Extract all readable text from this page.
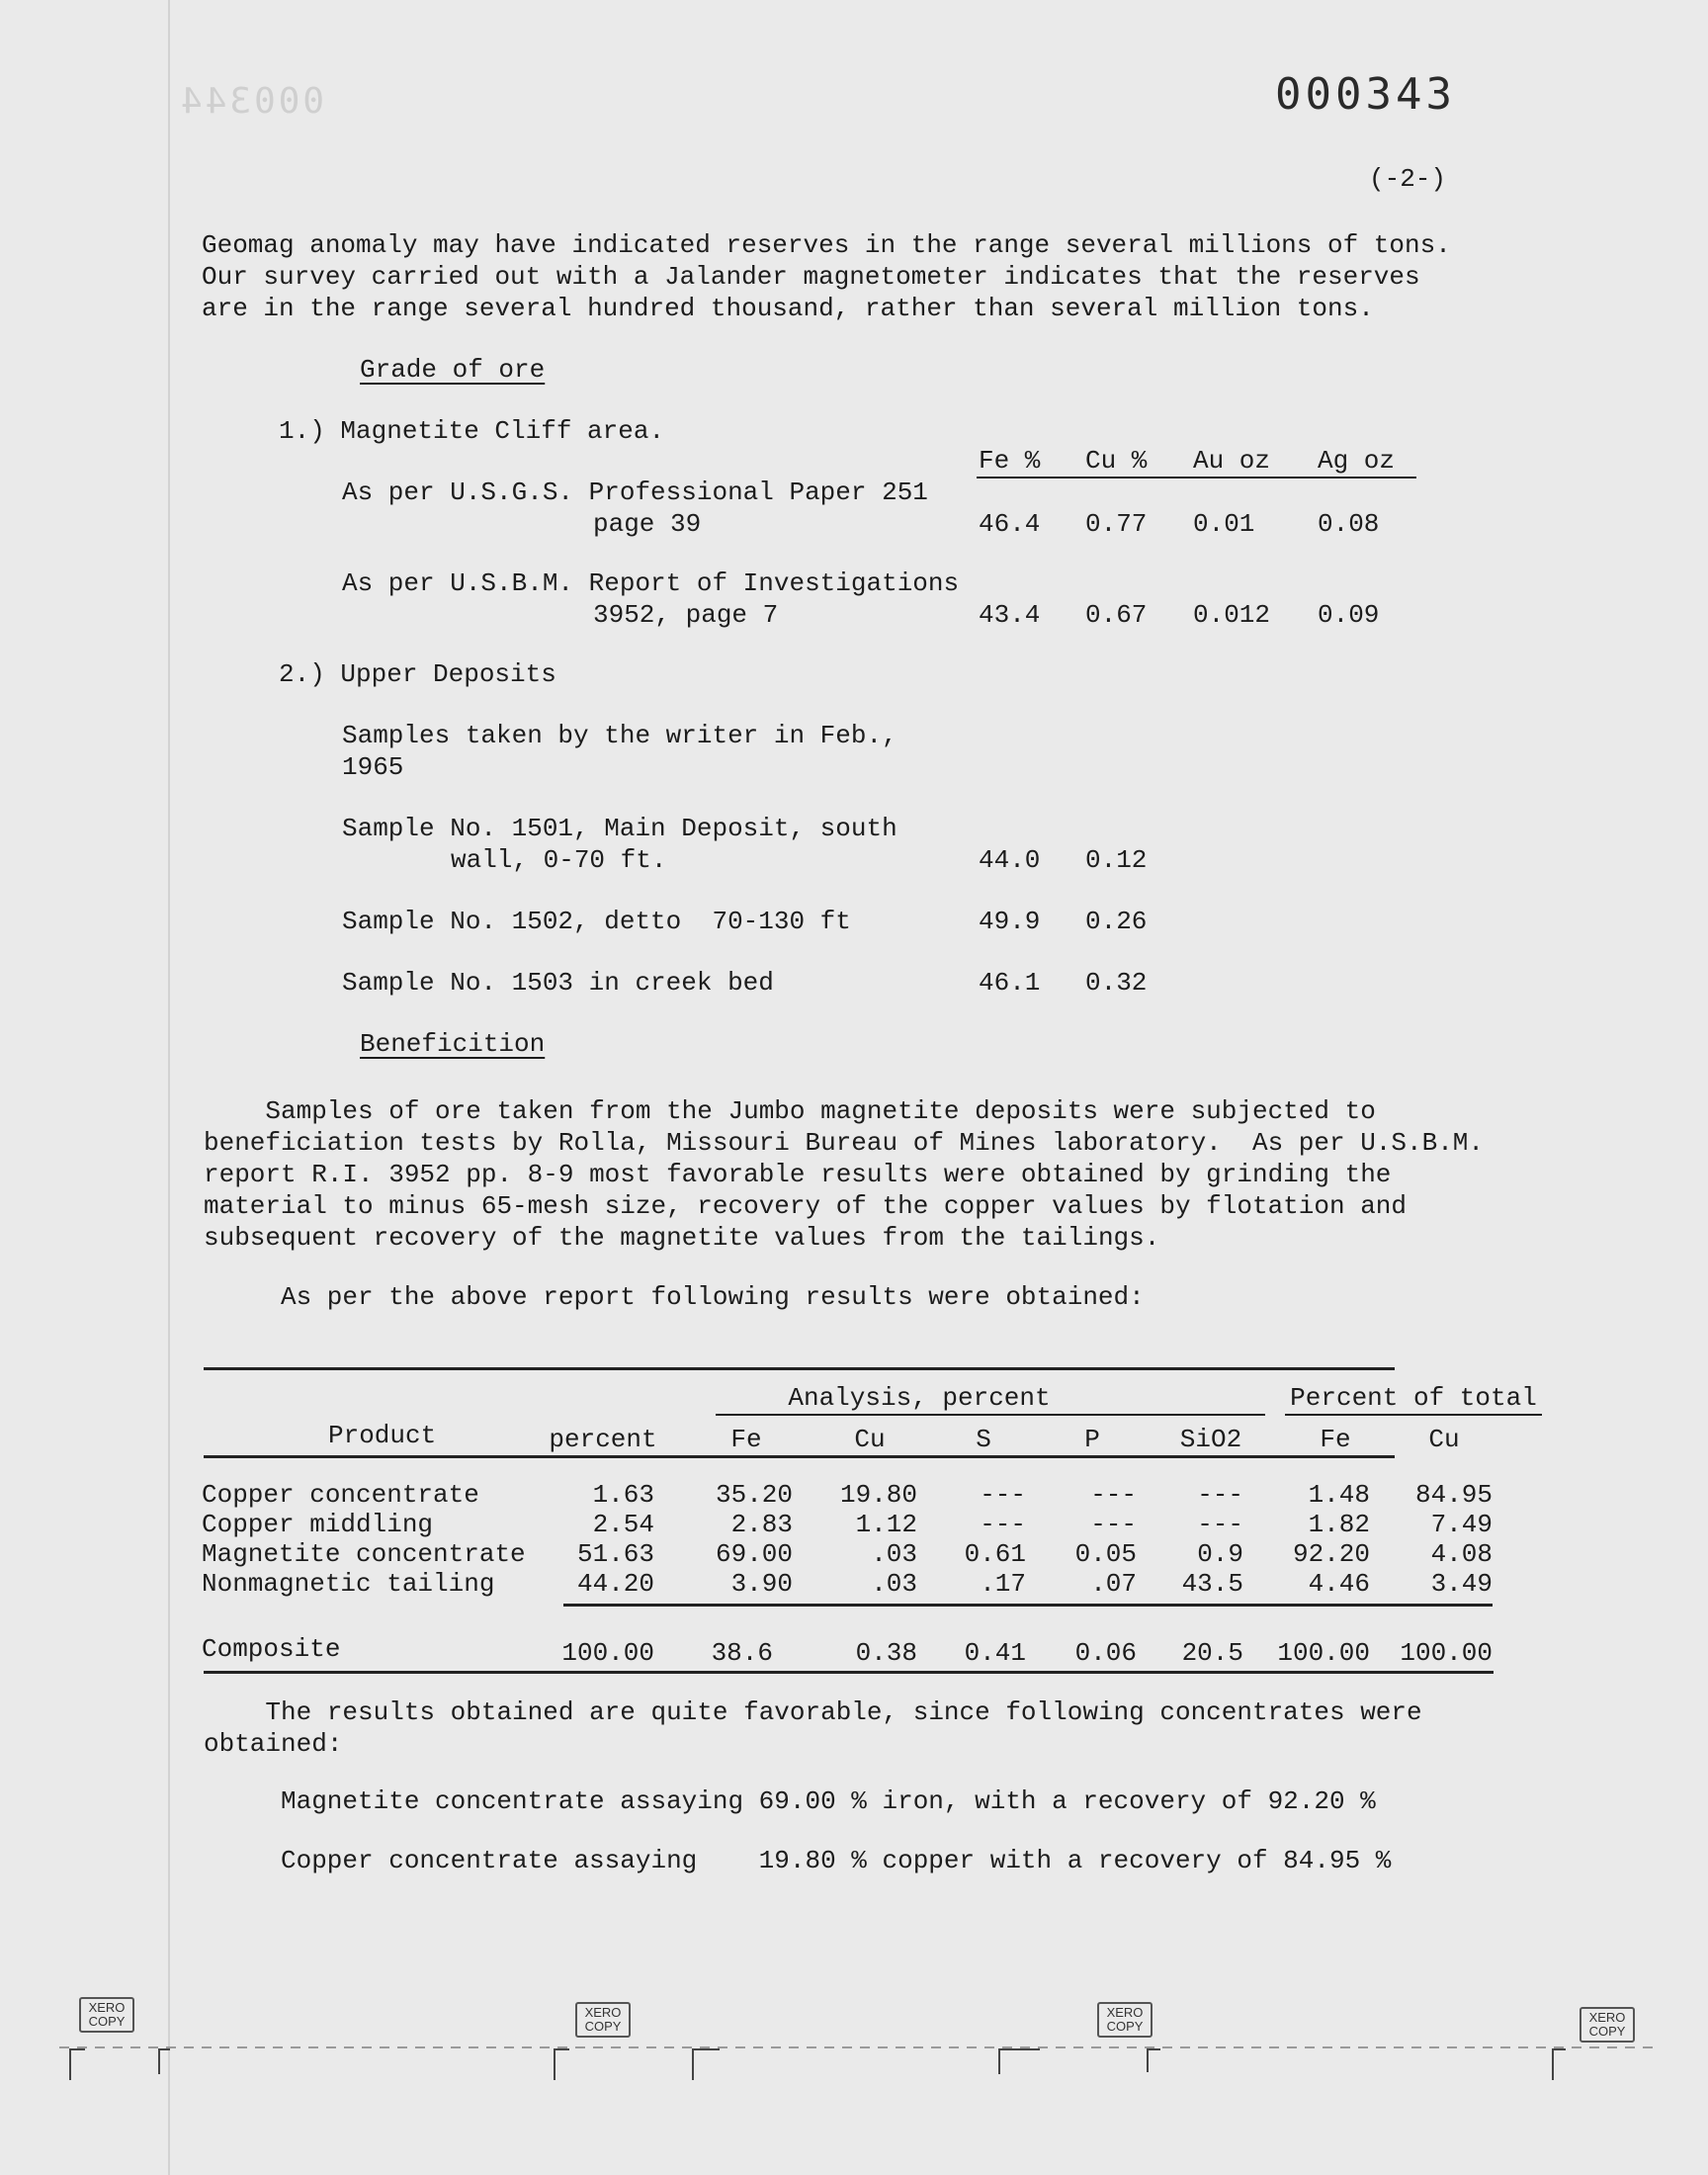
000344	000343
(-2-)
Geomag anomaly may have indicated reserves in the range several millions of tons.
Our survey carried out with a Jalander magnetometer indicates that the reserves
are in the range several hundred thousand, rather than several million tons.
Grade of ore
1.) Magnetite Cliff area.
Fe % Cu % Au oz Ag oz
As per U.S.G.S. Professional Paper 251
page 39	46.4 0.77 0.01 0.08
As per U.S.B.M. Report of Investigations
3952, page 7	43.4 0.67 0.012 0.09
2.) Upper Deposits
Samples taken by the writer in Feb.,
1965
Sample No. 1501, Main Deposit, south
wall, 0-70 ft.	44.0 0.12
Sample No. 1502, detto  70-130 ft	49.9 0.26
Sample No. 1503 in creek bed	46.1 0.32
Beneficition
Samples of ore taken from the Jumbo magnetite deposits were subjected to
beneficiation tests by Rolla, Missouri Bureau of Mines laboratory.  As per U.S.B.M.
report R.I. 3952 pp. 8-9 most favorable results were obtained by grinding the
material to minus 65-mesh size, recovery of the copper values by flotation and
subsequent recovery of the magnetite values from the tailings.
As per the above report following results were obtained:
Analysis, percent	Percent of total
Product	percent	Fe	Cu	S	P	SiO2	Fe	Cu
Copper concentrate	1.63	35.20	19.80	---	---	---	1.48	84.95
Copper middling	2.54	2.83	1.12	---	---	---	1.82	7.49
Magnetite concentrate	51.63	69.00	.03	0.61	0.05	0.9	92.20	4.08
Nonmagnetic tailing	44.20	3.90	.03	.17	.07	43.5	4.46	3.49
Composite	100.00	38.6	0.38	0.41	0.06	20.5	100.00	100.00
The results obtained are quite favorable, since following concentrates were
obtained:
Magnetite concentrate assaying 69.00 % iron, with a recovery of 92.20 %
Copper concentrate assaying    19.80 % copper with a recovery of 84.95 %
XERO
COPY
XERO
COPY
XERO
COPY
XERO
COPY
